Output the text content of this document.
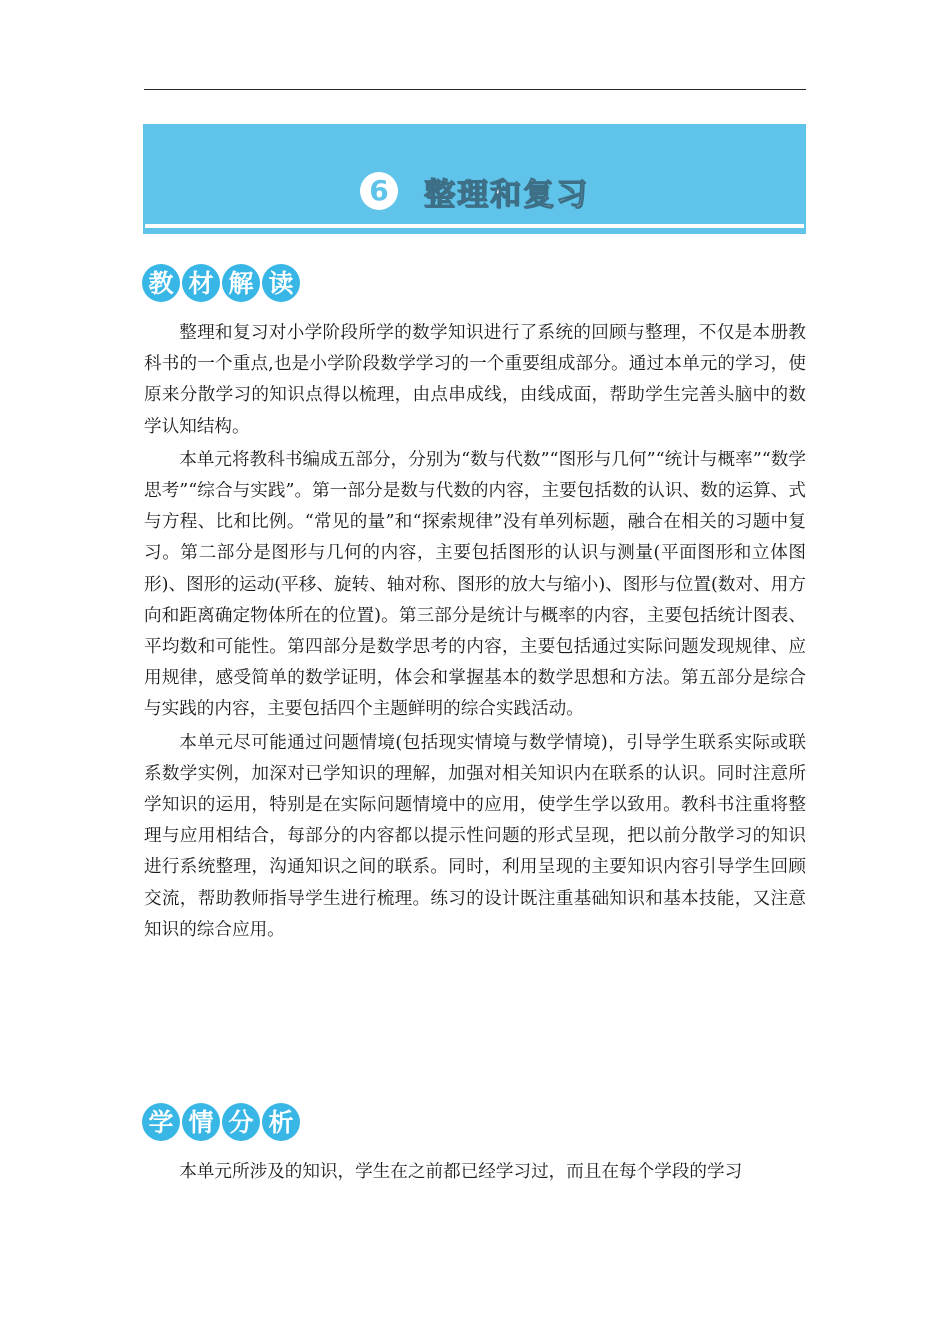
6 整理和复习
教 材 解 读

整理和复习对小学阶段所学的数学知识进行了系统的回顾与整理，不仅是本册教科书的一个重点,也是小学阶段数学学习的一个重要组成部分。通过本单元的学习，使原来分散学习的知识点得以梳理，由点串成线，由线成面，帮助学生完善头脑中的数学认知结构。

本单元将教科书编成五部分，分别为“数与代数”“图形与几何”“统计与概率”“数学思考”“综合与实践”。第一部分是数与代数的内容，主要包括数的认识、数的运算、式与方程、比和比例。“常见的量”和“探索规律”没有单列标题，融合在相关的习题中复习。第二部分是图形与几何的内容，主要包括图形的认识与测量(平面图形和立体图形)、图形的运动(平移、旋转、轴对称、图形的放大与缩小)、图形与位置(数对、用方向和距离确定物体所在的位置)。第三部分是统计与概率的内容，主要包括统计图表、平均数和可能性。第四部分是数学思考的内容，主要包括通过实际问题发现规律、应用规律，感受简单的数学证明，体会和掌握基本的数学思想和方法。第五部分是综合与实践的内容，主要包括四个主题鲜明的综合实践活动。

本单元尽可能通过问题情境(包括现实情境与数学情境)，引导学生联系实际或联系数学实例，加深对已学知识的理解，加强对相关知识内在联系的认识。同时注意所学知识的运用，特别是在实际问题情境中的应用，使学生学以致用。教科书注重将整理与应用相结合，每部分的内容都以提示性问题的形式呈现，把以前分散学习的知识进行系统整理，沟通知识之间的联系。同时，利用呈现的主要知识内容引导学生回顾交流，帮助教师指导学生进行梳理。练习的设计既注重基础知识和基本技能，又注意知识的综合应用。

学 情 分 析

本单元所涉及的知识，学生在之前都已经学习过，而且在每个学段的学习
